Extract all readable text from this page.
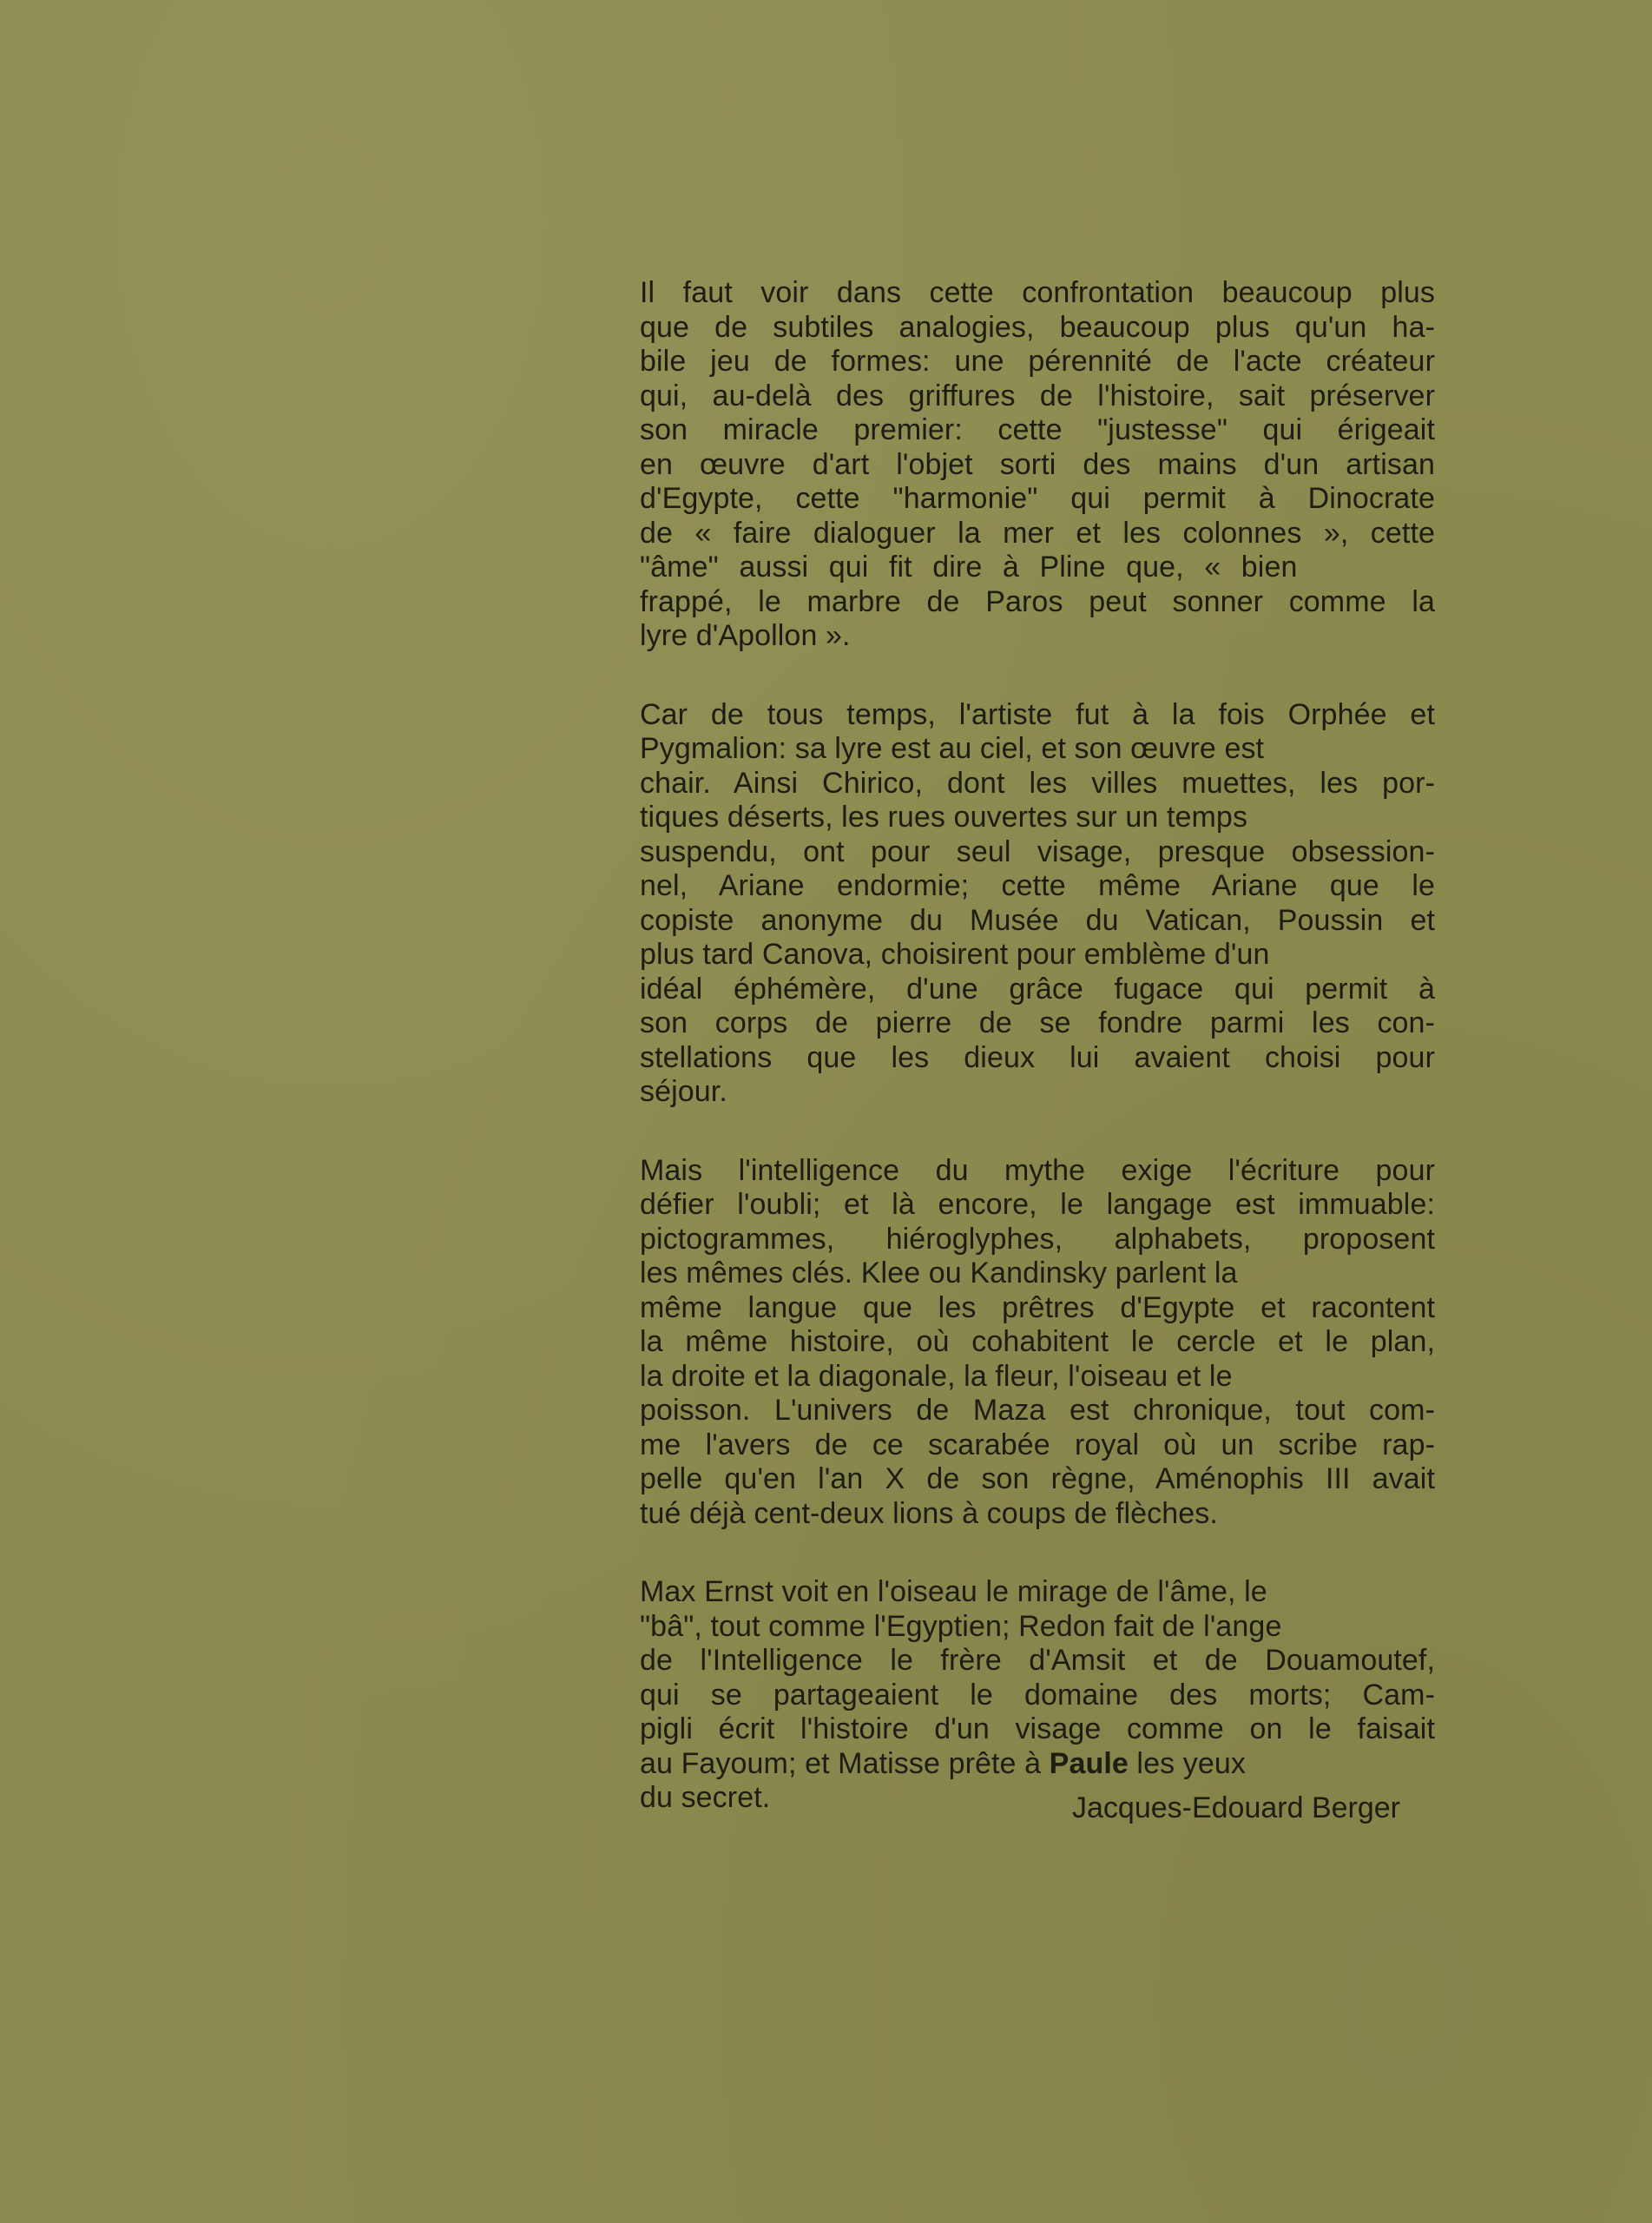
Il faut voir dans cette confrontation beaucoup plus
que de subtiles analogies, beaucoup plus qu'un ha-
bile jeu de formes: une pérennité de l'acte créateur
qui, au-delà des griffures de l'histoire, sait préserver
son miracle premier: cette "justesse" qui érigeait
en œuvre d'art l'objet sorti des mains d'un artisan
d'Egypte, cette "harmonie" qui permit à Dinocrate
de « faire dialoguer la mer et les colonnes », cette
"âme" aussi qui fit dire à Pline que, « bien
frappé, le marbre de Paros peut sonner comme la
lyre d'Apollon ».
Car de tous temps, l'artiste fut à la fois Orphée et
Pygmalion: sa lyre est au ciel, et son œuvre est
chair. Ainsi Chirico, dont les villes muettes, les por-
tiques déserts, les rues ouvertes sur un temps
suspendu, ont pour seul visage, presque obsession-
nel, Ariane endormie; cette même Ariane que le
copiste anonyme du Musée du Vatican, Poussin et
plus tard Canova, choisirent pour emblème d'un
idéal éphémère, d'une grâce fugace qui permit à
son corps de pierre de se fondre parmi les con-
stellations que les dieux lui avaient choisi pour
séjour.
Mais l'intelligence du mythe exige l'écriture pour
défier l'oubli; et là encore, le langage est immuable:
pictogrammes, hiéroglyphes, alphabets, proposent
les mêmes clés. Klee ou Kandinsky parlent la
même langue que les prêtres d'Egypte et racontent
la même histoire, où cohabitent le cercle et le plan,
la droite et la diagonale, la fleur, l'oiseau et le
poisson. L'univers de Maza est chronique, tout com-
me l'avers de ce scarabée royal où un scribe rap-
pelle qu'en l'an X de son règne, Aménophis III avait
tué déjà cent-deux lions à coups de flèches.
Max Ernst voit en l'oiseau le mirage de l'âme, le
"bâ", tout comme l'Egyptien; Redon fait de l'ange
de l'Intelligence le frère d'Amsit et de Douamoutef,
qui se partageaient le domaine des morts; Cam-
pigli écrit l'histoire d'un visage comme on le faisait
au Fayoum; et Matisse prête à Paule les yeux
du secret.	Jacques-Edouard Berger
